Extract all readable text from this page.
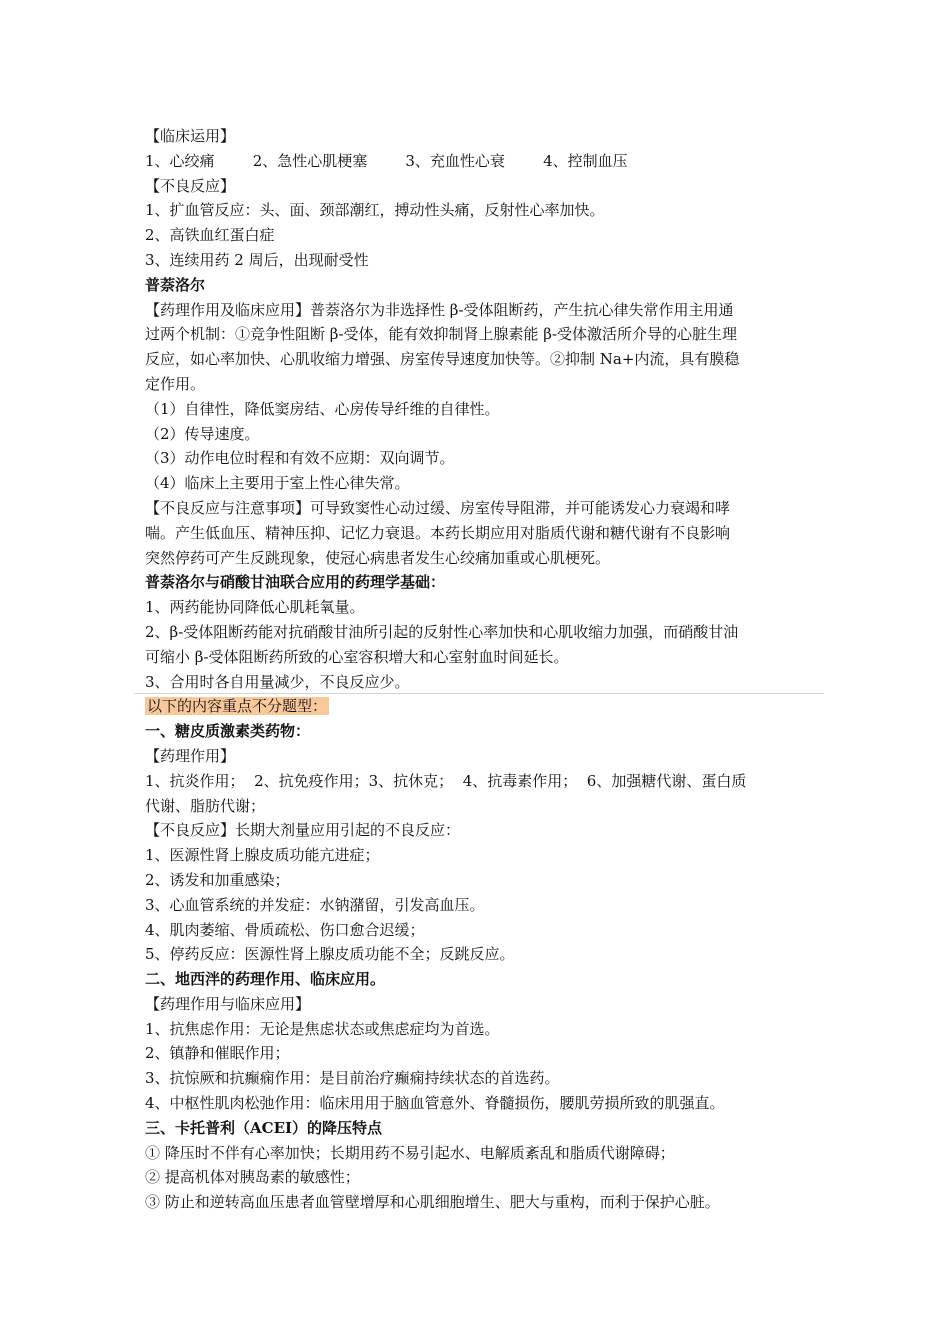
【临床运用】

1、心绞痛        2、急性心肌梗塞        3、充血性心衰        4、控制血压

【不良反应】

1、扩血管反应：头、面、颈部潮红，搏动性头痛，反射性心率加快。

2、高铁血红蛋白症

3、连续用药 2 周后，出现耐受性

普萘洛尔

【药理作用及临床应用】普萘洛尔为非选择性 β-受体阻断药，产生抗心律失常作用主用通

过两个机制：①竞争性阻断 β-受体，能有效抑制肾上腺素能 β-受体激活所介导的心脏生理

反应，如心率加快、心肌收缩力增强、房室传导速度加快等。②抑制 Na+内流，具有膜稳

定作用。

（1）自律性，降低窦房结、心房传导纤维的自律性。

（2）传导速度。

（3）动作电位时程和有效不应期：双向调节。

（4）临床上主要用于室上性心律失常。

【不良反应与注意事项】可导致窦性心动过缓、房室传导阻滞，并可能诱发心力衰竭和哮

喘。产生低血压、精神压抑、记忆力衰退。本药长期应用对脂质代谢和糖代谢有不良影响

突然停药可产生反跳现象，使冠心病患者发生心绞痛加重或心肌梗死。

普萘洛尔与硝酸甘油联合应用的药理学基础：

1、两药能协同降低心肌耗氧量。

2、β-受体阻断药能对抗硝酸甘油所引起的反射性心率加快和心肌收缩力加强，而硝酸甘油

可缩小 β-受体阻断药所致的心室容积增大和心室射血时间延长。

3、合用时各自用量减少，不良反应少。

以下的内容重点不分题型：

一、糖皮质激素类药物：

【药理作用】

1、抗炎作用；  2、抗免疫作用；3、抗休克；  4、抗毒素作用；  6、加强糖代谢、蛋白质

代谢、脂肪代谢；

【不良反应】长期大剂量应用引起的不良反应：

1、医源性肾上腺皮质功能亢进症；

2、诱发和加重感染；

3、心血管系统的并发症：水钠潴留，引发高血压。

4、肌肉萎缩、骨质疏松、伤口愈合迟缓；

5、停药反应：医源性肾上腺皮质功能不全；反跳反应。

二、地西泮的药理作用、临床应用。

【药理作用与临床应用】

1、抗焦虑作用：无论是焦虑状态或焦虑症均为首选。

2、镇静和催眠作用；

3、抗惊厥和抗癫痫作用：是目前治疗癫痫持续状态的首选药。

4、中枢性肌肉松弛作用：临床用用于脑血管意外、脊髓损伤，腰肌劳损所致的肌强直。

三、卡托普利（ACEI）的降压特点

① 降压时不伴有心率加快；长期用药不易引起水、电解质紊乱和脂质代谢障碍；

② 提高机体对胰岛素的敏感性；

③ 防止和逆转高血压患者血管壁增厚和心肌细胞增生、肥大与重构，而利于保护心脏。
